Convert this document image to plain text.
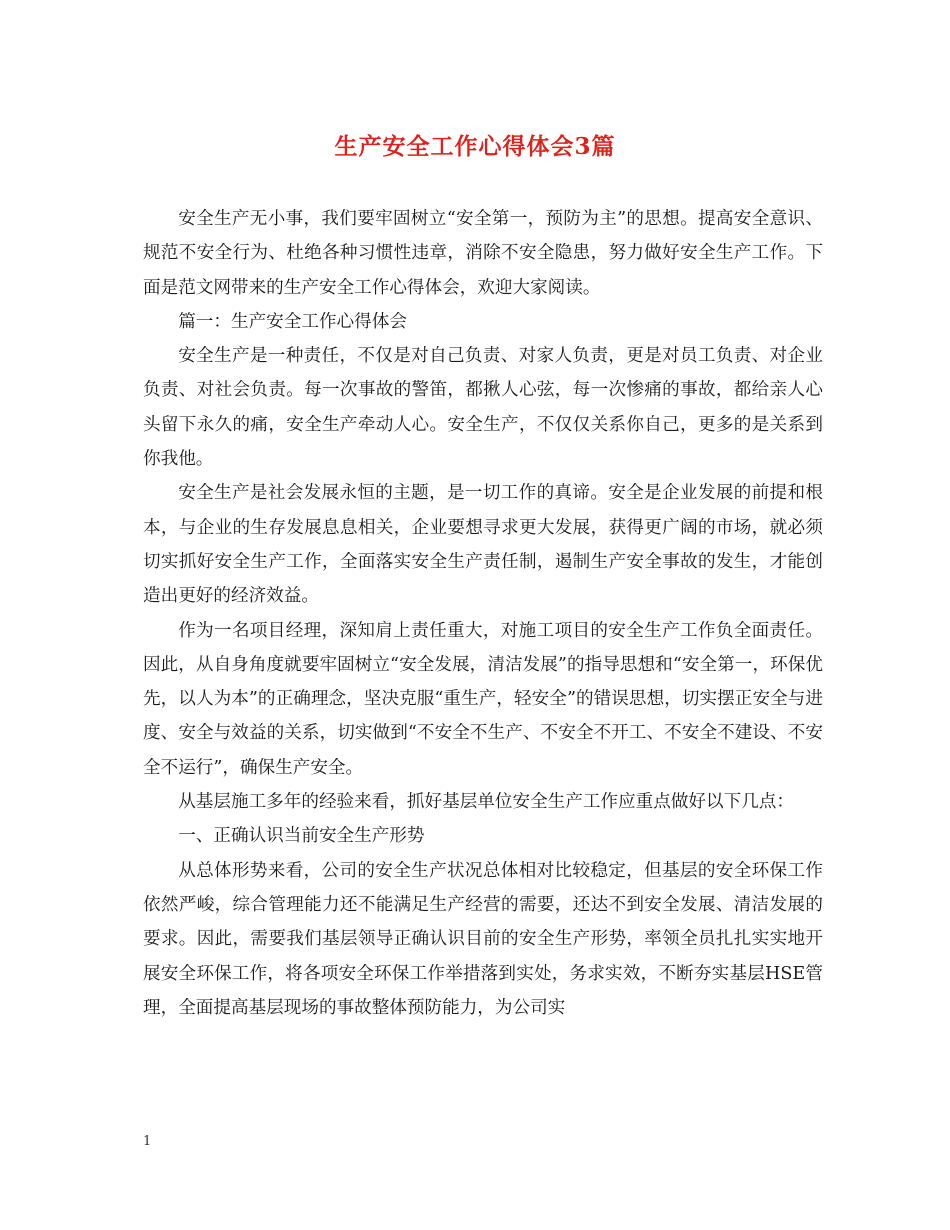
生产安全工作心得体会3篇

安全生产无小事，我们要牢固树立“安全第一，预防为主”的思想。提高安全意识、规范不安全行为、杜绝各种习惯性违章，消除不安全隐患，努力做好安全生产工作。下面是范文网带来的生产安全工作心得体会，欢迎大家阅读。

篇一：生产安全工作心得体会

安全生产是一种责任，不仅是对自己负责、对家人负责，更是对员工负责、对企业负责、对社会负责。每一次事故的警笛，都揪人心弦，每一次惨痛的事故，都给亲人心头留下永久的痛，安全生产牵动人心。安全生产，不仅仅关系你自己，更多的是关系到你我他。

安全生产是社会发展永恒的主题，是一切工作的真谛。安全是企业发展的前提和根本，与企业的生存发展息息相关，企业要想寻求更大发展，获得更广阔的市场，就必须切实抓好安全生产工作，全面落实安全生产责任制，遏制生产安全事故的发生，才能创造出更好的经济效益。

作为一名项目经理，深知肩上责任重大，对施工项目的安全生产工作负全面责任。因此，从自身角度就要牢固树立“安全发展，清洁发展”的指导思想和“安全第一，环保优先，以人为本”的正确理念，坚决克服“重生产，轻安全”的错误思想，切实摆正安全与进度、安全与效益的关系，切实做到“不安全不生产、不安全不开工、不安全不建设、不安全不运行”，确保生产安全。

从基层施工多年的经验来看，抓好基层单位安全生产工作应重点做好以下几点：

一、正确认识当前安全生产形势

从总体形势来看，公司的安全生产状况总体相对比较稳定，但基层的安全环保工作依然严峻，综合管理能力还不能满足生产经营的需要，还达不到安全发展、清洁发展的要求。因此，需要我们基层领导正确认识目前的安全生产形势，率领全员扎扎实实地开展安全环保工作，将各项安全环保工作举措落到实处，务求实效，不断夯实基层HSE管理，全面提高基层现场的事故整体预防能力，为公司实

1
